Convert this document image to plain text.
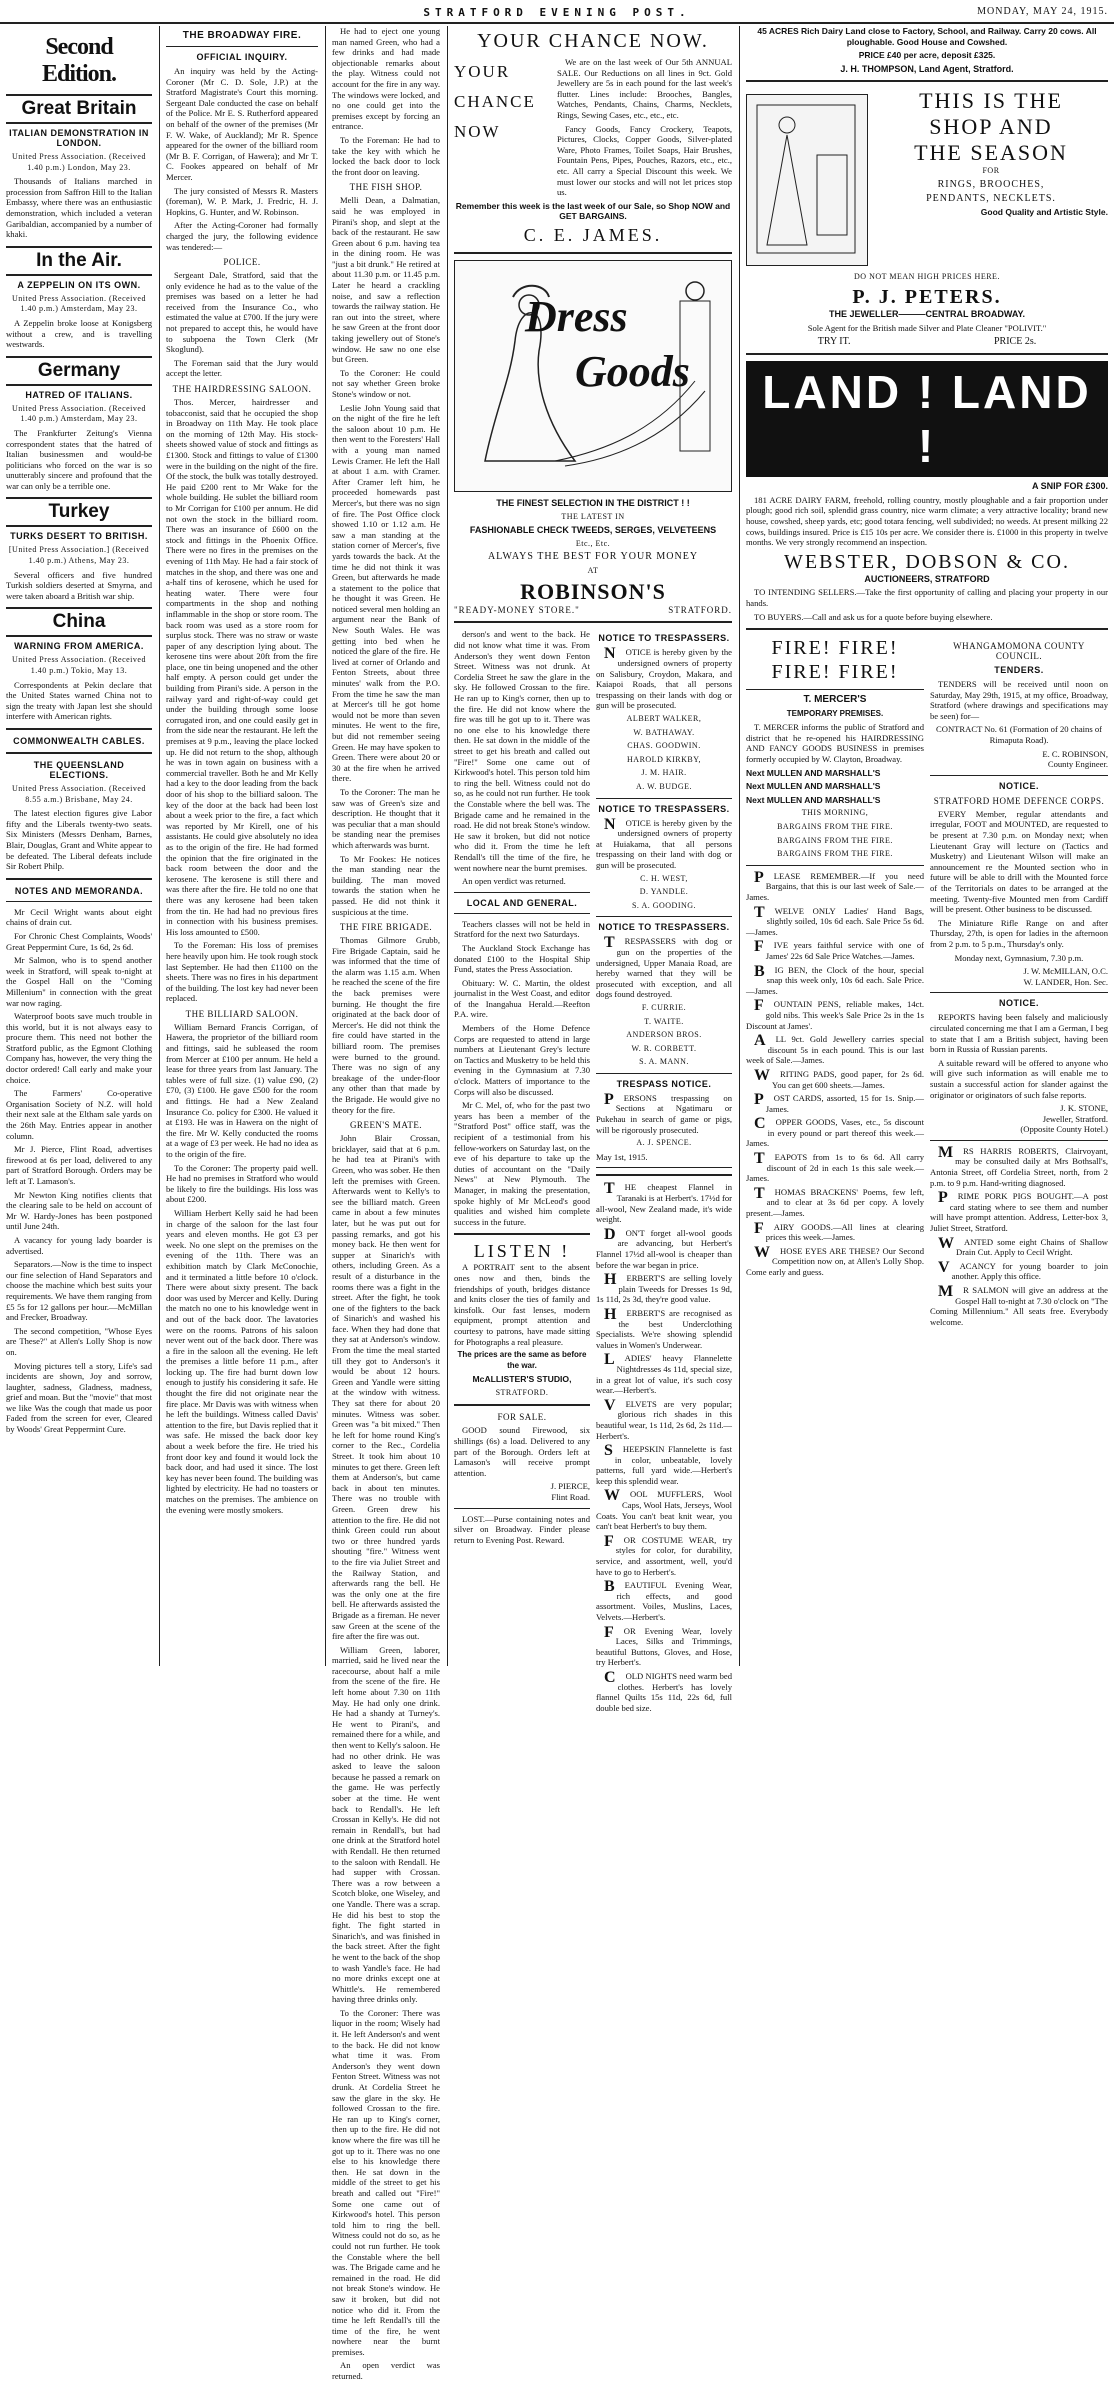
STRATFORD EVENING POST.	MONDAY, MAY 24, 1915.
Second Edition.
Great Britain
ITALIAN DEMONSTRATION IN LONDON.

United Press Association. (Received 1.40 p.m.) London, May 23.

Thousands of Italians marched in procession from Saffron Hill to the Italian Embassy, where there was an enthusiastic demonstration, which included a veteran Garibaldian, accompanied by a number of khaki.

In the Air.
A ZEPPELIN ON ITS OWN.

United Press Association. (Received 1.40 p.m.) Amsterdam, May 23.

A Zeppelin broke loose at Konigsberg without a crew, and is travelling westwards.

Germany
HATRED OF ITALIANS.

United Press Association. (Received 1.40 p.m.) Amsterdam, May 23.

The Frankfurter Zeitung's Vienna correspondent states that the hatred of Italian businessmen and would-be politicians who forced on the war is so unutterably sincere and profound that the war can only be a terrible one.

Turkey
TURKS DESERT TO BRITISH.

[United Press Association.] (Received 1.40 p.m.) Athens, May 23.

Several officers and five hundred Turkish soldiers deserted at Smyrna, and were taken aboard a British war ship.

China
WARNING FROM AMERICA.

United Press Association. (Received 1.40 p.m.) Tokio, May 13.

Correspondents at Pekin declare that the United States warned China not to sign the treaty with Japan lest she should interfere with American rights.

COMMONWEALTH CABLES.
THE QUEENSLAND ELECTIONS.

United Press Association. (Received 8.55 a.m.) Brisbane, May 24.

The latest election figures give Labor fifty and the Liberals twenty-two seats. Six Ministers (Messrs Denham, Barnes, Blair, Douglas, Grant and White appear to be defeated. The Liberal defeats include Sir Robert Philp.

NOTES AND MEMORANDA.

Mr Cecil Wright wants about eight chains of drain cut.

For Chronic Chest Complaints, Woods' Great Peppermint Cure, 1s 6d, 2s 6d.

Mr Salmon, who is to spend another week in Stratford, will speak to-night at the Gospel Hall on the "Coming Millenium" in connection with the great war now raging.

Waterproof boots save much trouble in this world, but it is not always easy to procure them. This need not bother the Stratford public, as the Egmont Clothing Company has, however, the very thing the doctor ordered! Call early and make your choice.

The Farmers' Co-operative Organisation Society of N.Z. will hold their next sale at the Eltham sale yards on the 26th May. Entries appear in another column.

Mr J. Pierce, Flint Road, advertises firewood at 6s per load, delivered to any part of Stratford Borough. Orders may be left at T. Lamason's.

Mr Newton King notifies clients that the clearing sale to be held on account of Mr W. Hardy-Jones has been postponed until June 24th.

A vacancy for young lady boarder is advertised.

Separators.—Now is the time to inspect our fine selection of Hand Separators and choose the machine which best suits your requirements. We have them ranging from £5 5s for 12 gallons per hour.—McMillan and Frecker, Broadway.

The second competition, "Whose Eyes are These?" at Allen's Lolly Shop is now on.

Moving pictures tell a story, Life's sad incidents are shown, Joy and sorrow, laughter, sadness, Gladness, madness, grief and moan. But the "movie" that most we like Was the cough that made us poor Faded from the screen for ever, Cleared by Woods' Great Peppermint Cure.

THE BROADWAY FIRE.
OFFICIAL INQUIRY.

An inquiry was held by the Acting-Coroner (Mr C. D. Sole, J.P.) at the Stratford Magistrate's Court this morning. Sergeant Dale conducted the case on behalf of the Police. Mr E. S. Rutherford appeared on behalf of the owner of the premises (Mr F. W. Wake, of Auckland); Mr R. Spence appeared for the owner of the billiard room (Mr B. F. Corrigan, of Hawera); and Mr T. C. Fookes appeared on behalf of Mr Mercer.

The jury consisted of Messrs R. Masters (foreman), W. P. Mark, J. Fredric, H. J. Hopkins, G. Hunter, and W. Robinson.

After the Acting-Coroner had formally charged the jury, the following evidence was tendered:—

POLICE.

Sergeant Dale, Stratford, said that the only evidence he had as to the value of the premises was based on a letter he had received from the Insurance Co., who estimated the value at £700. If the jury were not prepared to accept this, he would have to subpoena the Town Clerk (Mr Skoglund).

The Foreman said that the Jury would accept the letter.

THE HAIRDRESSING SALOON.

Thos. Mercer, hairdresser and tobacconist, said that he occupied the shop in Broadway on 11th May. He took place on the morning of 12th May. His stock-sheets showed value of stock and fittings as £1300. Stock and fittings to value of £1300 were in the building on the night of the fire. Of the stock, the bulk was totally destroyed. He paid £200 rent to Mr Wake for the whole building. He sublet the billiard room to Mr Corrigan for £100 per annum. He did not own the stock in the billiard room. There was an insurance of £600 on the stock and fittings in the Phoenix Office. There were no fires in the premises on the evening of 11th May. He had a fair stock of matches in the shop, and there was one and a-half tins of kerosene, which he used for heating water. There were four compartments in the shop and nothing inflammable in the shop or store room. The back room was used as a store room for surplus stock. There was no straw or waste paper of any description lying about. The kerosene tins were about 20ft from the fire place, one tin being unopened and the other half empty. A person could get under the building from Pirani's side. A person in the railway yard and right-of-way could get under the building through some loose corrugated iron, and one could easily get in from the side near the restaurant. He left the premises at 9 p.m., leaving the place locked up. He did not return to the shop, although he was in town again on business with a commercial traveller. Both he and Mr Kelly had a key to the door leading from the back door of his shop to the billiard saloon. The key of the door at the back had been lost about a week prior to the fire, a fact which was reported by Mr Kirell, one of his assistants. He could give absolutely no idea as to the origin of the fire. He had formed the opinion that the fire originated in the back room between the door and the kerosene. The kerosene is still there and was there after the fire. He told no one that there was any kerosene had been taken from the tin. He had had no previous fires in connection with his business premises. His loss amounted to £500.

To the Foreman: His loss of premises here heavily upon him. He took rough stock last September. He had then £1100 on the sheets. There was no fires in his department of the building. The lost key had never been replaced.

THE BILLIARD SALOON.

William Bernard Francis Corrigan, of Hawera, the proprietor of the billiard room and fittings, said he subleased the room from Mercer at £100 per annum. He held a lease for three years from last January. The tables were of full size. (1) value £90, (2) £70, (3) £100. He gave £500 for the room and fittings. He had a New Zealand Insurance Co. policy for £300. He valued it at £193. He was in Hawera on the night of the fire. Mr W. Kelly conducted the rooms at a wage of £3 per week. He had no idea as to the origin of the fire.

To the Coroner: The property paid well. He had no premises in Stratford who would be likely to fire the buildings. His loss was about £200.

William Herbert Kelly said he had been in charge of the saloon for the last four years and eleven months. He got £3 per week. No one slept on the premises on the evening of the 11th. There was an exhibition match by Clark McConochie, and it terminated a little before 10 o'clock. There were about sixty present. The back door was used by Mercer and Kelly. During the match no one to his knowledge went in and out of the back door. The lavatories were on the rooms. Patrons of his saloon never went out of the back door. There was a fire in the saloon all the evening. He left the premises a little before 11 p.m., after locking up. The fire had burnt down low enough to justify his considering it safe. He thought the fire did not originate near the fire place. Mr Davis was with witness when he left the buildings. Witness called Davis' attention to the fire, but Davis replied that it was safe. He missed the back door key about a week before the fire. He tried his front door key and found it would lock the back door, and had used it since. The lost key has never been found. The building was lighted by electricity. He had no toasters or matches on the premises. The ambience on the evening were mostly smokers.

He had to eject one young man named Green, who had a few drinks and had made objectionable remarks about the play. Witness could not account for the fire in any way. The windows were locked, and no one could get into the premises except by forcing an entrance.

To the Foreman: He had to take the key with which he locked the back door to lock the front door on leaving.

THE FISH SHOP.

Melli Dean, a Dalmatian, said he was employed in Pirani's shop, and slept at the back of the restaurant. He saw Green about 6 p.m. having tea in the dining room. He was "just a bit drunk." He retired at about 11.30 p.m. or 11.45 p.m. Later he heard a crackling noise, and saw a reflection towards the railway station. He ran out into the street, where he saw Green at the front door taking jewellery out of Stone's window. He saw no one else but Green.

To the Coroner: He could not say whether Green broke Stone's window or not.

Leslie John Young said that on the night of the fire he left the saloon about 10 p.m. He then went to the Foresters' Hall with a young man named Lewis Cramer. He left the Hall at about 1 a.m. with Cramer. After Cramer left him, he proceeded homewards past Mercer's, but there was no sign of fire. The Post Office clock showed 1.10 or 1.12 a.m. He saw a man standing at the station corner of Mercer's, five yards towards the back. At the time he did not think it was Green, but afterwards he made a statement to the police that he thought it was Green. He noticed several men holding an argument near the Bank of New South Wales. He was getting into bed when he noticed the glare of the fire. He lived at corner of Orlando and Fenton Streets, about three minutes' walk from the P.O. From the time he saw the man at Mercer's till he got home would not be more than seven minutes. He went to the fire, but did not remember seeing Green. He may have spoken to Green. There were about 20 or 30 at the fire when he arrived there.

To the Coroner: The man he saw was of Green's size and description. He thought that it was peculiar that a man should be standing near the premises which afterwards was burnt.

To Mr Fookes: He notices the man standing near the building. The man moved towards the station when he passed. He did not think it suspicious at the time.

THE FIRE BRIGADE.

Thomas Gilmore Grubb, Fire Brigade Captain, said he was informed that the time of the alarm was 1.15 a.m. When he reached the scene of the fire the back premises were burning. He thought the fire originated at the back door of Mercer's. He did not think the fire could have started in the billiard room. The premises were burned to the ground. There was no sign of any breakage of the under-floor any other than that made by the Brigade. He would give no theory for the fire.

GREEN'S MATE.

John Blair Crossan, bricklayer, said that at 6 p.m. he had tea at Pirani's with Green, who was sober. He then left the premises with Green. Afterwards went to Kelly's to see the billiard match. Green came in about a few minutes later, but he was put out for passing remarks, and got his money back. He then went for supper at Sinarich's with others, including Green. As a result of a disturbance in the rooms there was a fight in the street. After the fight, he took one of the fighters to the back of Sinarich's and washed his face. When they had done that they sat at Anderson's window. From the time the meal started till they got to Anderson's it would be about 12 hours. Green and Yandle were sitting at the window with witness. They sat there for about 20 minutes. Witness was sober. Green was "a bit mixed." Then he left for home round King's corner to the Rec., Cordelia Street. It took him about 10 minutes to get there. Green left them at Anderson's, but came back in about ten minutes. There was no trouble with Green. Green drew his attention to the fire. He did not think Green could run about two or three hundred yards shouting "fire." Witness went to the fire via Juliet Street and the Railway Station, and afterwards rang the bell. He was the only one at the fire bell. He afterwards assisted the Brigade as a fireman. He never saw Green at the scene of the fire after the fire was out.

William Green, laborer, married, said he lived near the racecourse, about half a mile from the scene of the fire. He left home about 7.30 on 11th May. He had only one drink. He had a shandy at Turney's. He went to Pirani's, and remained there for a while, and then went to Kelly's saloon. He had no other drink. He was asked to leave the saloon because he passed a remark on the game. He was perfectly sober at the time. He went back to Rendall's. He left Crossan in Kelly's. He did not remain in Rendall's, but had one drink at the Stratford hotel with Rendall. He then returned to the saloon with Rendall. He had supper with Crossan. There was a row between a Scotch bloke, one Wiseley, and one Yandle. There was a scrap. He did his best to stop the fight. The fight started in Sinarich's, and was finished in the back street. After the fight he went to the back of the shop to wash Yandle's face. He had no more drinks except one at Whittle's. He remembered having three drinks only.

To the Coroner: There was liquor in the room; Wisely had it. He left Anderson's and went to the back. He did not know what time it was. From Anderson's they went down Fenton Street. Witness was not drunk. At Cordelia Street he saw the glare in the sky. He followed Crossan to the fire. He ran up to King's corner, then up to the fire. He did not know where the fire was till he got up to it. There was no one else to his knowledge there then. He sat down in the middle of the street to get his breath and called out "Fire!" Some one came out of Kirkwood's hotel. This person told him to ring the bell. Witness could not do so, as he could not run further. He took the Constable where the bell was. The Brigade came and he remained in the road. He did not break Stone's window. He saw it broken, but did not notice who did it. From the time he left Rendall's till the time of the fire, he went nowhere near the burnt premises.

An open verdict was returned.

YOUR CHANCE NOW.
YOUR
CHANCE
NOW

We are on the last week of Our 5th ANNUAL SALE. Our Reductions on all lines in 9ct. Gold Jewellery are 5s in each pound for the last week's flutter. Lines include: Brooches, Bangles, Watches, Pendants, Chains, Charms, Necklets, Rings, Sewing Cases, etc., etc., etc.

Fancy Goods, Fancy Crockery, Teapots, Pictures, Clocks, Copper Goods, Silver-plated Ware, Photo Frames, Toilet Soaps, Hair Brushes, Fountain Pens, Pipes, Pouches, Razors, etc., etc., etc. All carry a Special Discount this week. We must lower our stocks and will not let prices stop us.

Remember this week is the last week of our Sale, so Shop NOW and GET BARGAINS.

C. E. JAMES.
Dress
Goods

THE FINEST SELECTION IN THE DISTRICT ! !

THE LATEST IN

FASHIONABLE CHECK TWEEDS, SERGES, VELVETEENS

Etc., Etc.

ALWAYS THE BEST FOR YOUR MONEY

AT

ROBINSON'S
"READY-MONEY STORE."	STRATFORD.

derson's and went to the back. He did not know what time it was. From Anderson's they went down Fenton Street. Witness was not drunk. At Cordelia Street he saw the glare in the sky. He followed Crossan to the fire. He ran up to King's corner, then up to the fire. He did not know where the fire was till he got up to it. There was no one else to his knowledge there then. He sat down in the middle of the street to get his breath and called out "Fire!" Some one came out of Kirkwood's hotel. This person told him to ring the bell. Witness could not do so, as he could not run further. He took the Constable where the bell was. The Brigade came and he remained in the road. He did not break Stone's window. He saw it broken, but did not notice who did it. From the time he left Rendall's till the time of the fire, he went nowhere near the burnt premises.

An open verdict was returned.

LOCAL AND GENERAL.

Teachers classes will not be held in Stratford for the next two Saturdays.

The Auckland Stock Exchange has donated £100 to the Hospital Ship Fund, states the Press Association.

Obituary: W. C. Martin, the oldest journalist in the West Coast, and editor of the Inangahua Herald.—Reefton P.A. wire.

Members of the Home Defence Corps are requested to attend in large numbers at Lieutenant Grey's lecture on Tactics and Musketry to be held this evening in the Gymnasium at 7.30 o'clock. Matters of importance to the Corps will also be discussed.

Mr C. Mel, of, who for the past two years has been a member of the "Stratford Post" office staff, was the recipient of a testimonial from his fellow-workers on Saturday last, on the eve of his departure to take up the duties of accountant on the "Daily News" at New Plymouth. The Manager, in making the presentation, spoke highly of Mr McLeod's good qualities and wished him complete success in the future.

LISTEN !

A PORTRAIT sent to the absent ones now and then, binds the friendships of youth, bridges distance and knits closer the ties of family and kinsfolk. Our fast lenses, modern equipment, prompt attention and courtesy to patrons, have made sitting for Photographs a real pleasure.

The prices are the same as before the war.

McALLISTER'S STUDIO,

STRATFORD.

FOR SALE.

GOOD sound Firewood, six shillings (6s) a load. Delivered to any part of the Borough. Orders left at Lamason's will receive prompt attention.

J. PIERCE,

Flint Road.

LOST.—Purse containing notes and silver on Broadway. Finder please return to Evening Post. Reward.

NOTICE TO TRESPASSERS.

NOTICE is hereby given by the undersigned owners of property on Salisbury, Croydon, Makara, and Kaiapoi Roads, that all persons trespassing on their lands with dog or gun will be prosecuted.

ALBERT WALKER,

W. BATHAWAY.

CHAS. GOODWIN.

HAROLD KIRKBY,

J. M. HAIR.

A. W. BUDGE.

NOTICE TO TRESPASSERS.

NOTICE is hereby given by the undersigned owners of property at Huiakama, that all persons trespassing on their land with dog or gun will be prosecuted.

C. H. WEST,

D. YANDLE.

S. A. GOODING.

NOTICE TO TRESPASSERS.

TRESPASSERS with dog or gun on the properties of the undersigned, Upper Manaia Road, are hereby warned that they will be prosecuted with exception, and all dogs found destroyed.

F. CURRIE.

T. WAITE.

ANDERSON BROS.

W. R. CORBETT.

S. A. MANN.

TRESPASS NOTICE.

PERSONS trespassing on Sections at Ngatimaru or Pukehau in search of game or pigs, will be rigorously prosecuted.

A. J. SPENCE.

May 1st, 1915.

THE cheapest Flannel in Taranaki is at Herbert's. 17½d for all-wool, New Zealand made, it's wide weight.

DON'T forget all-wool goods are advancing, but Herbert's Flannel 17½d all-wool is cheaper than before the war began in price.

HERBERT'S are selling lovely plain Tweeds for Dresses 1s 9d, 1s 11d, 2s 3d, they're good value.

HERBERT'S are recognised as the best Underclothing Specialists. We're showing splendid values in Women's Underwear.

LADIES' heavy Flannelette Nightdresses 4s 11d, special size, in a great lot of value, it's such cosy wear.—Herbert's.

VELVETS are very popular; glorious rich shades in this beautiful wear, 1s 11d, 2s 6d, 2s 11d.—Herbert's.

SHEEPSKIN Flannelette is fast in color, unbeatable, lovely patterns, full yard wide.—Herbert's keep this splendid wear.

WOOL MUFFLERS, Wool Caps, Wool Hats, Jerseys, Wool Coats. You can't beat knit wear, you can't beat Herbert's to buy them.

FOR COSTUME WEAR, try styles for color, for durability, service, and assortment, well, you'd have to go to Herbert's.

BEAUTIFUL Evening Wear, rich effects, and good assortment. Voiles, Muslins, Laces, Velvets.—Herbert's.

FOR Evening Wear, lovely Laces, Silks and Trimmings, beautiful Buttons, Gloves, and Hose, try Herbert's.

COLD NIGHTS need warm bed clothes. Herbert's has lovely flannel Quilts 15s 11d, 22s 6d, full double bed size.

45 ACRES Rich Dairy Land close to Factory, School, and Railway. Carry 20 cows. All ploughable. Good House and Cowshed.

PRICE £40 per acre, deposit £325.

J. H. THOMPSON, Land Agent, Stratford.

THIS IS THE
SHOP AND
THE SEASON

FOR

RINGS, BROOCHES,

PENDANTS, NECKLETS.

Good Quality and Artistic Style.

DO NOT MEAN HIGH PRICES HERE.

P. J. PETERS.

THE JEWELLER———CENTRAL BROADWAY.

Sole Agent for the British made Silver and Plate Cleaner "POLIVIT."

TRY IT.	PRICE 2s.
LAND ! LAND !

A SNIP FOR £300.

181 ACRE DAIRY FARM, freehold, rolling country, mostly ploughable and a fair proportion under plough; good rich soil, splendid grass country, nice warm climate; a very attractive locality; brand new house, cowshed, sheep yards, etc; good totara fencing, well subdivided; no weeds. At present milking 22 cows, buildings insured. Price is £15 10s per acre. We consider there is. £1000 in this property in twelve months. We very strongly recommend an inspection.

WEBSTER, DOBSON & CO.

AUCTIONEERS, STRATFORD

TO INTENDING SELLERS.—Take the first opportunity of calling and placing your property in our hands.

TO BUYERS.—Call and ask us for a quote before buying elsewhere.

FIRE! FIRE! FIRE! FIRE!

T. MERCER'S

TEMPORARY PREMISES.

T. MERCER informs the public of Stratford and district that he re-opened his HAIRDRESSING AND FANCY GOODS BUSINESS in premises formerly occupied by W. Clayton, Broadway.

Next MULLEN AND MARSHALL'S

Next MULLEN AND MARSHALL'S

Next MULLEN AND MARSHALL'S

THIS MORNING,

BARGAINS FROM THE FIRE.

BARGAINS FROM THE FIRE.

BARGAINS FROM THE FIRE.

PLEASE REMEMBER.—If you need Bargains, that this is our last week of Sale.—James.

TWELVE ONLY Ladies' Hand Bags, slightly soiled, 10s 6d each. Sale Price 5s 6d.—James.

FIVE years faithful service with one of James' 22s 6d Sale Price Watches.—James.

BIG BEN, the Clock of the hour, special snap this week only, 10s 6d each. Sale Price.—James.

FOUNTAIN PENS, reliable makes, 14ct. gold nibs. This week's Sale Price 2s in the 1s Discount at James'.

ALL 9ct. Gold Jewellery carries special discount 5s in each pound. This is our last week of Sale.—James.

WRITING PADS, good paper, for 2s 6d. You can get 600 sheets.—James.

POST CARDS, assorted, 15 for 1s. Snip.—James.

COPPER GOODS, Vases, etc., 5s discount in every pound or part thereof this week.—James.

TEAPOTS from 1s to 6s 6d. All carry discount of 2d in each 1s this sale week.—James.

THOMAS BRACKENS' Poems, few left, and to clear at 3s 6d per copy. A lovely present.—James.

FAIRY GOODS.—All lines at clearing prices this week.—James.

WHOSE EYES ARE THESE? Our Second Competition now on, at Allen's Lolly Shop. Come early and guess.

WHANGAMOMONA COUNTY COUNCIL.
TENDERS.

TENDERS will be received until noon on Saturday, May 29th, 1915, at my office, Broadway, Stratford (where drawings and specifications may be seen) for—

CONTRACT No. 61 (Formation of 20 chains of Rimaputa Road).

E. C. ROBINSON,

County Engineer.

NOTICE.
STRATFORD HOME DEFENCE CORPS.

EVERY Member, regular attendants and irregular, FOOT and MOUNTED, are requested to be present at 7.30 p.m. on Monday next; when Lieutenant Gray will lecture on (Tactics and Musketry) and Lieutenant Wilson will make an announcement re the Mounted section who in future will be able to drill with the Mounted force of the Territorials on dates to be arranged at the meeting. Twenty-five Mounted men from Cardiff will be present. Other business to be discussed.

The Miniature Rifle Range on and after Thursday, 27th, is open for ladies in the afternoon from 2 p.m. to 5 p.m., Thursday's only.

Monday next, Gymnasium, 7.30 p.m.

J. W. McMILLAN, O.C.

W. LANDER, Hon. Sec.

NOTICE.

REPORTS having been falsely and maliciously circulated concerning me that I am a German, I beg to state that I am a British subject, having been born in Russia of Russian parents.

A suitable reward will be offered to anyone who will give such information as will enable me to sustain a successful action for slander against the originator or originators of such false reports.

J. K. STONE,

Jeweller, Stratford.

(Opposite County Hotel.)

MRS HARRIS ROBERTS, Clairvoyant, may be consulted daily at Mrs Bothsall's, Antonia Street, off Cordelia Street, north, from 2 p.m. to 9 p.m. Hand-writing diagnosed.

PRIME PORK PIGS BOUGHT.—A post card stating where to see them and number will have prompt attention. Address, Letter-box 3, Juliet Street, Stratford.

WANTED some eight Chains of Shallow Drain Cut. Apply to Cecil Wright.

VACANCY for young boarder to join another. Apply this office.

MR SALMON will give an address at the Gospel Hall to-night at 7.30 o'clock on "The Coming Millennium." All seats free. Everybody welcome.
